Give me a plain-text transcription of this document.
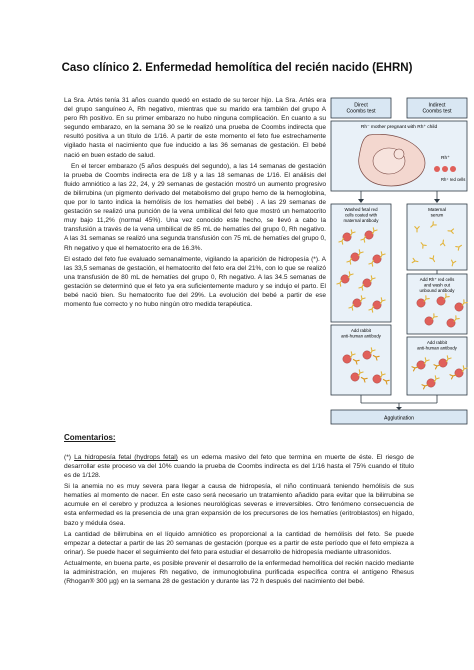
Caso clínico 2. Enfermedad hemolítica del recién nacido (EHRN)

La Sra. Artés tenía 31 años cuando quedó en estado de su tercer hijo. La Sra. Artés era del grupo sanguíneo A, Rh negativo, mientras que su marido era también del grupo A pero Rh positivo. En su primer embarazo no hubo ninguna complicación. En cuanto a su segundo embarazo, en la semana 30 se le realizó una prueba de Coombs indirecta que resultó positiva a un título de 1/16. A partir de este momento el feto fue estrechamente vigilado hasta el nacimiento que fue inducido a las 36 semanas de gestación. El bebé nació en buen estado de salud.

En el tercer embarazo (5 años después del segundo), a las 14 semanas de gestación la prueba de Coombs indirecta era de 1/8 y a las 18 semanas de 1/16. El análisis del fluido amniótico a las 22, 24, y 29 semanas de gestación mostró un aumento progresivo de bilirrubina (un pigmento derivado del metabolismo del grupo hemo de la hemoglobina, que por lo tanto indica la hemólisis de los hematíes del bebé) . A las 29 semanas de gestación se realizó una punción de la vena umbilical del feto que mostró un hematocrito muy bajo 11,2% (normal 45%). Una vez conocido este hecho, se llevó a cabo la transfusión a través de la vena umbilical de 85 mL de hematíes del grupo 0, Rh negativo. A las 31 semanas se realizó una segunda transfusión con 75 mL de hematíes del grupo 0, Rh negativo y que el hematocrito era de 16.3%.

El estado del feto fue evaluado semanalmente, vigilando la aparición de hidropesía (*). A las 33,5 semanas de gestación, el hematocrito del feto era del 21%, con lo que se realizó una transfusión de 80 mL de hematíes del grupo 0, Rh negativo. A las 34.5 semanas de gestación se determinó que el feto ya era suficientemente maduro y se indujo el parto. El bebé nació bien. Su hematocrito fue del 29%. La evolución del bebé a partir de ese momento fue correcto y no hubo ningún otro medida terapéutica.

Direct Coombs test
Indirect Coombs test
Rh⁻ mother pregnant with Rh⁺ child
Rh⁺
Rh⁺ red cells
Washed fetal red cells coated with maternal antibody
Maternal serum
Add Rh⁺ red cells and wash out unbound antibody
Add rabbit anti-human antibody
Add rabbit anti-human antibody
Agglutination
Comentarios:

(*) La hidropesía fetal (hydrops fetal) es un edema masivo del feto que termina en muerte de éste. El riesgo de desarrollar este proceso va del 10% cuando la prueba de Coombs indirecta es del 1/16 hasta el 75% cuando el título es de 1/128.

Si la anemia no es muy severa para llegar a causa de hidropesía, el niño continuará teniendo hemólisis de sus hematíes al momento de nacer. En este caso será necesario un tratamiento añadido para evitar que la bilirrubina se acumule en el cerebro y produzca a lesiones neurológicas severas e irreversibles. Otro fenómeno consecuencia de esta enfermedad es la presencia de una gran expansión de los precursores de los hematíes (eritroblastos) en hígado, bazo y médula ósea.

La cantidad de bilirrubina en el líquido amniótico es proporcional a la cantidad de hemólisis del feto. Se puede empezar a detectar a partir de las 20 semanas de gestación (porque es a partir de este período que el feto empieza a orinar). Se puede hacer el seguimiento del feto para estudiar el desarrollo de hidropesía mediante ultrasonidos.

Actualmente, en buena parte, es posible prevenir el desarrollo de la enfermedad hemolítica del recién nacido mediante la administración, en mujeres Rh negativo, de inmunoglobulina purificada específica contra el antígeno Rhesus (Rhogan® 300 µg) en la semana 28 de gestación y durante las 72 h después del nacimiento del bebé.
